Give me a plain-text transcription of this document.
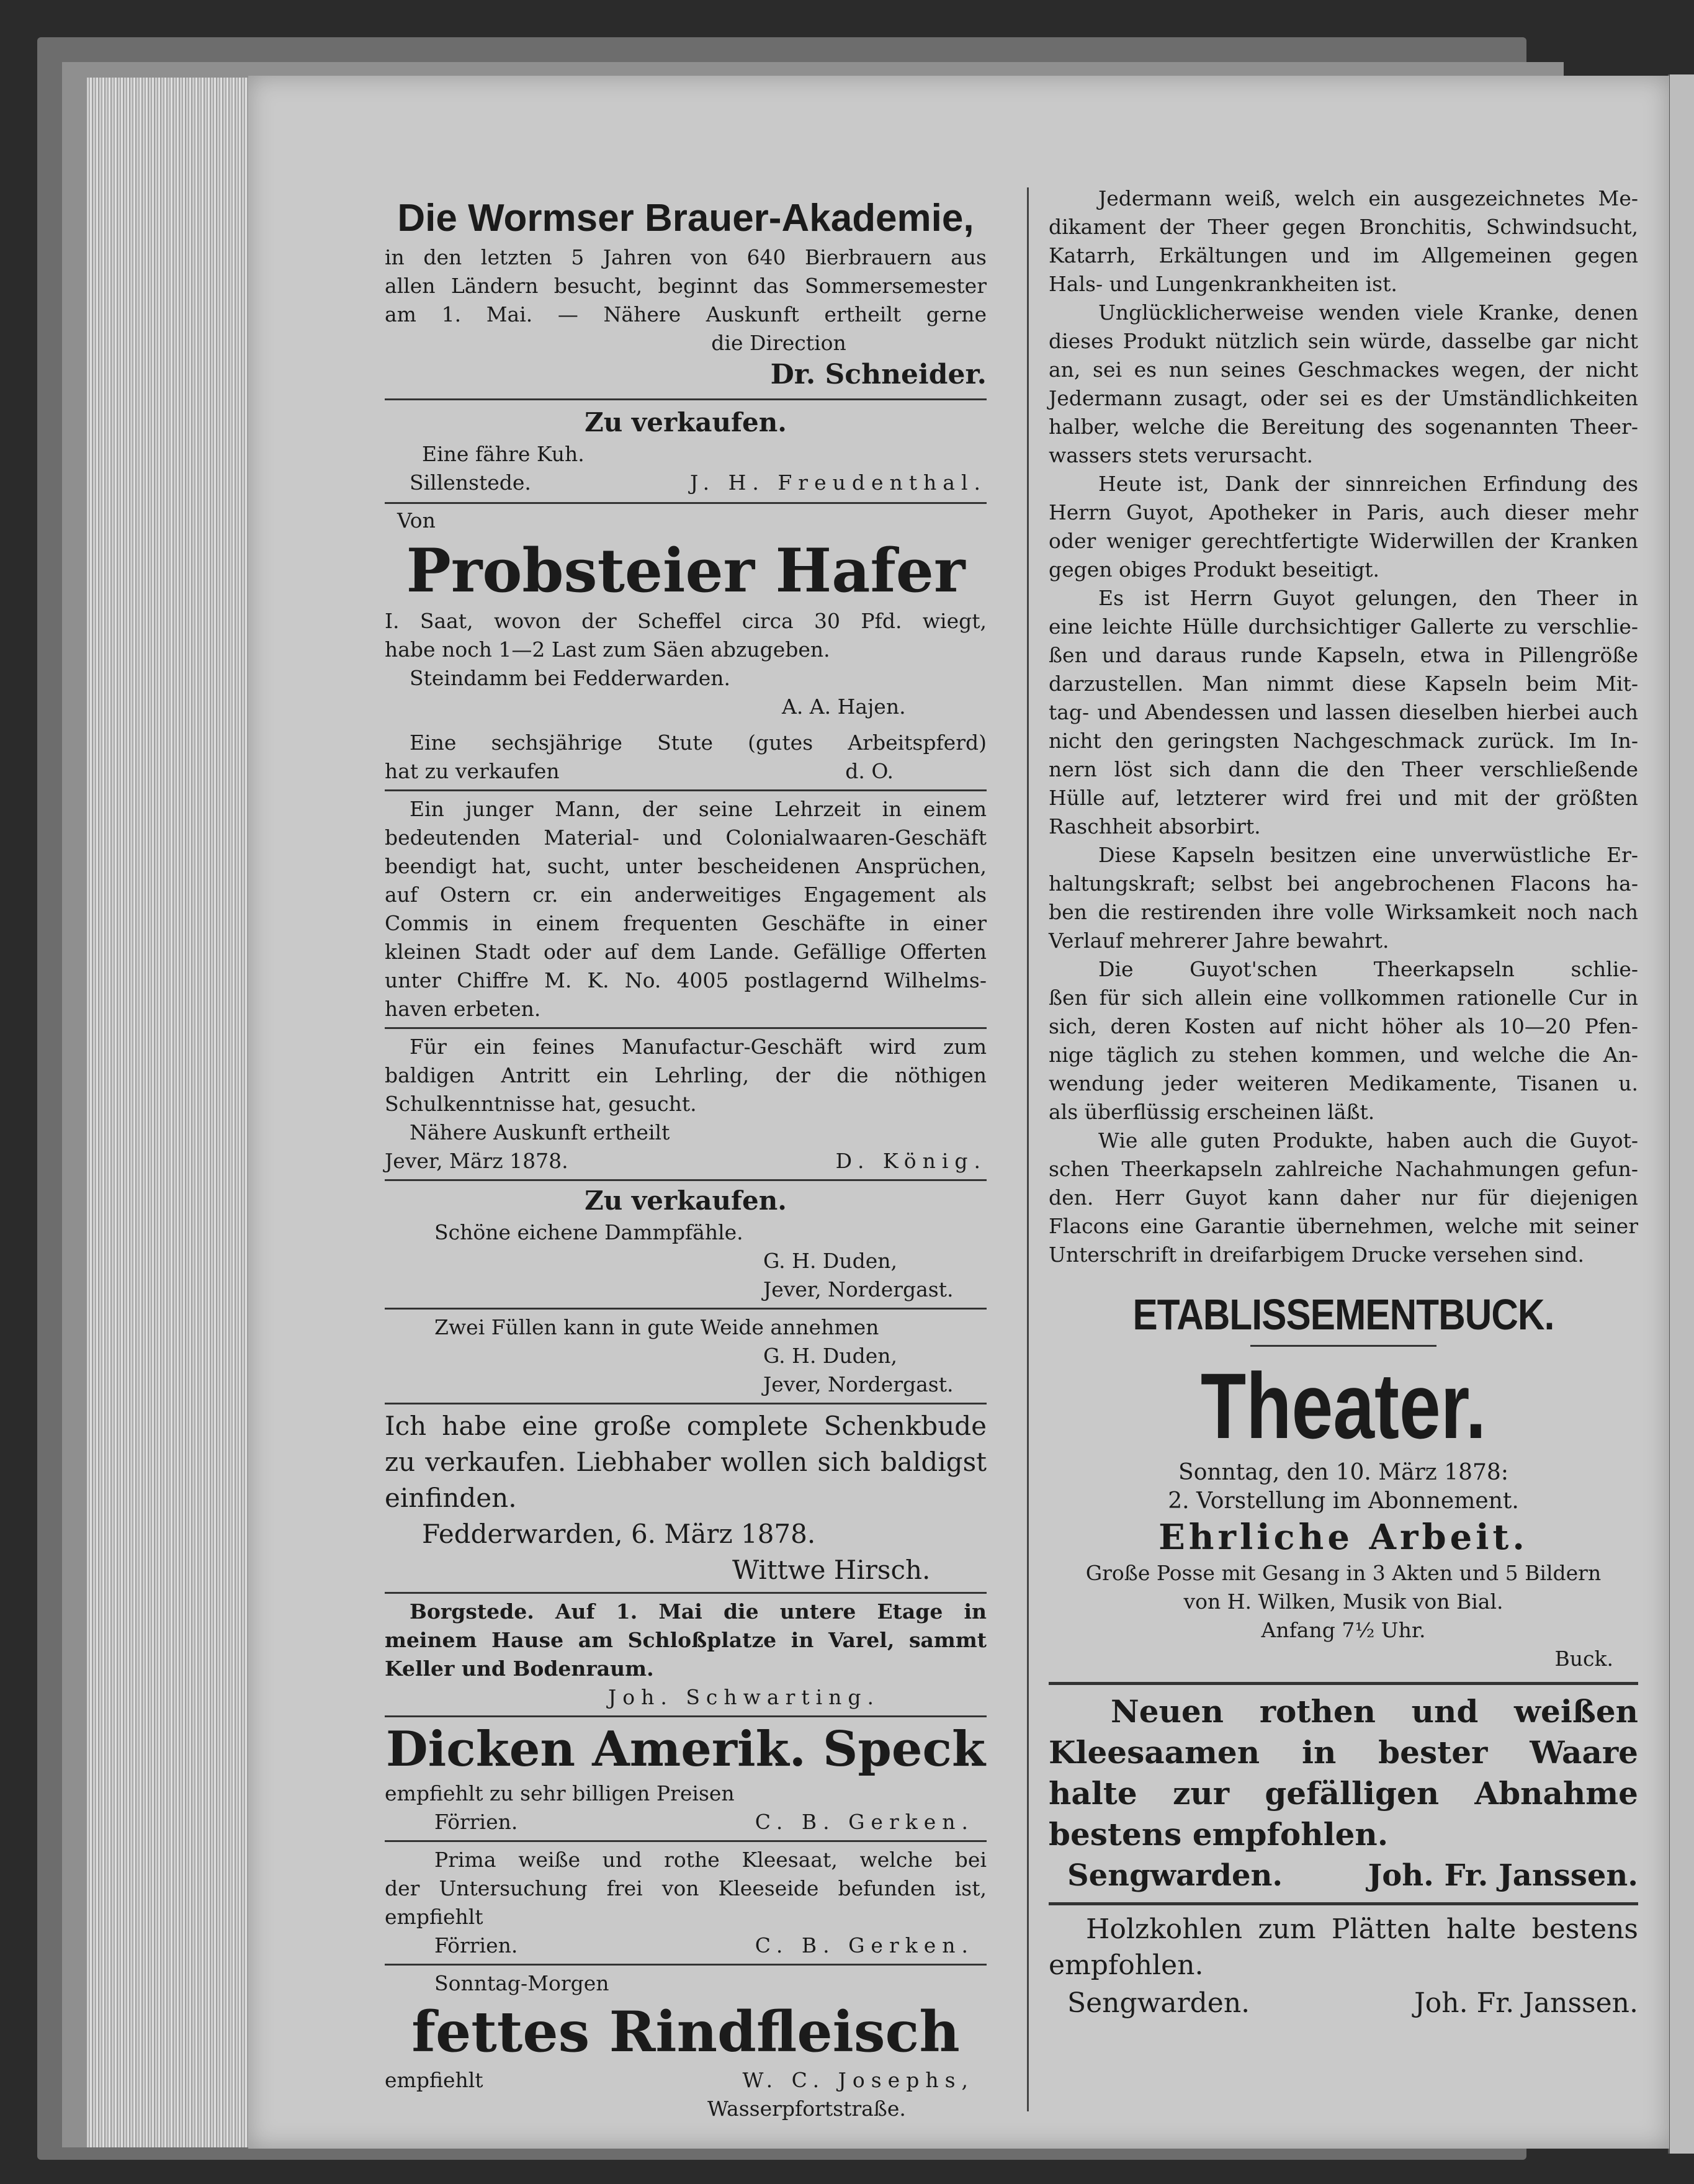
Die Wormser Brauer-Akademie,
in den letzten 5 Jahren von 640 Bierbrauern aus
allen Ländern besucht, beginnt das Sommersemester
am 1. Mai. — Nähere Auskunft ertheilt gerne
die Direction
Dr. Schneider.
Zu verkaufen.
Eine fähre Kuh.
Sillenstede.	J. H. Freudenthal.
Von
Probsteier Hafer
I. Saat, wovon der Scheffel circa 30 Pfd. wiegt,
habe noch 1—2 Last zum Säen abzugeben.
Steindamm bei Fedderwarden.
A. A. Hajen.
Eine sechsjährige Stute (gutes Arbeitspferd)
hat zu verkaufen	d. O.
Ein junger Mann, der seine Lehrzeit in einem
bedeutenden Material- und Colonialwaaren-Geschäft
beendigt hat, sucht, unter bescheidenen Ansprüchen,
auf Ostern cr. ein anderweitiges Engagement als
Commis in einem frequenten Geschäfte in einer
kleinen Stadt oder auf dem Lande. Gefällige Offerten
unter Chiffre M. K. No. 4005 postlagernd Wilhelms-
haven erbeten.
Für ein feines Manufactur-Geschäft wird zum
baldigen Antritt ein Lehrling, der die nöthigen
Schulkenntnisse hat, gesucht.
Nähere Auskunft ertheilt
Jever, März 1878.	D. König.
Zu verkaufen.
Schöne eichene Dammpfähle.
G. H. Duden,
Jever, Nordergast.
Zwei Füllen kann in gute Weide annehmen
G. H. Duden,
Jever, Nordergast.
Ich habe eine große complete Schenkbude
zu verkaufen. Liebhaber wollen sich baldigst
einfinden.
Fedderwarden, 6. März 1878.
Wittwe Hirsch.
Borgstede. Auf 1. Mai die untere Etage in
meinem Hause am Schloßplatze in Varel, sammt
Keller und Bodenraum.
Joh. Schwarting.
Dicken Amerik. Speck
empfiehlt zu sehr billigen Preisen
Förrien.	C. B. Gerken.
Prima weiße und rothe Kleesaat, welche bei
der Untersuchung frei von Kleeseide befunden ist,
empfiehlt
Förrien.	C. B. Gerken.
Sonntag-Morgen
fettes Rindfleisch
empfiehlt	W. C. Josephs,
Wasserpfortstraße.
Jedermann weiß, welch ein ausgezeichnetes Me-
dikament der Theer gegen Bronchitis, Schwindsucht,
Katarrh, Erkältungen und im Allgemeinen gegen
Hals- und Lungenkrankheiten ist.
Unglücklicherweise wenden viele Kranke, denen
dieses Produkt nützlich sein würde, dasselbe gar nicht
an, sei es nun seines Geschmackes wegen, der nicht
Jedermann zusagt, oder sei es der Umständlichkeiten
halber, welche die Bereitung des sogenannten Theer-
wassers stets verursacht.
Heute ist, Dank der sinnreichen Erfindung des
Herrn Guyot, Apotheker in Paris, auch dieser mehr
oder weniger gerechtfertigte Widerwillen der Kranken
gegen obiges Produkt beseitigt.
Es ist Herrn Guyot gelungen, den Theer in
eine leichte Hülle durchsichtiger Gallerte zu verschlie-
ßen und daraus runde Kapseln, etwa in Pillengröße
darzustellen. Man nimmt diese Kapseln beim Mit-
tag- und Abendessen und lassen dieselben hierbei auch
nicht den geringsten Nachgeschmack zurück. Im In-
nern löst sich dann die den Theer verschließende
Hülle auf, letzterer wird frei und mit der größten
Raschheit absorbirt.
Diese Kapseln besitzen eine unverwüstliche Er-
haltungskraft; selbst bei angebrochenen Flacons ha-
ben die restirenden ihre volle Wirksamkeit noch nach
Verlauf mehrerer Jahre bewahrt.
Die Guyot'schen Theerkapseln schlie-
ßen für sich allein eine vollkommen rationelle Cur in
sich, deren Kosten auf nicht höher als 10—20 Pfen-
nige täglich zu stehen kommen, und welche die An-
wendung jeder weiteren Medikamente, Tisanen u.
als überflüssig erscheinen läßt.
Wie alle guten Produkte, haben auch die Guyot-
schen Theerkapseln zahlreiche Nachahmungen gefun-
den. Herr Guyot kann daher nur für diejenigen
Flacons eine Garantie übernehmen, welche mit seiner
Unterschrift in dreifarbigem Drucke versehen sind.
ETABLISSEMENTBUCK.
Theater.
Sonntag, den 10. März 1878:
2. Vorstellung im Abonnement.
Ehrliche Arbeit.
Große Posse mit Gesang in 3 Akten und 5 Bildern
von H. Wilken, Musik von Bial.
Anfang 7½ Uhr.
Buck.
Neuen rothen und weißen
Kleesaamen in bester Waare
halte zur gefälligen Abnahme
bestens empfohlen.
Sengwarden.	Joh. Fr. Janssen.
Holzkohlen zum Plätten halte bestens
empfohlen.
Sengwarden.	Joh. Fr. Janssen.
